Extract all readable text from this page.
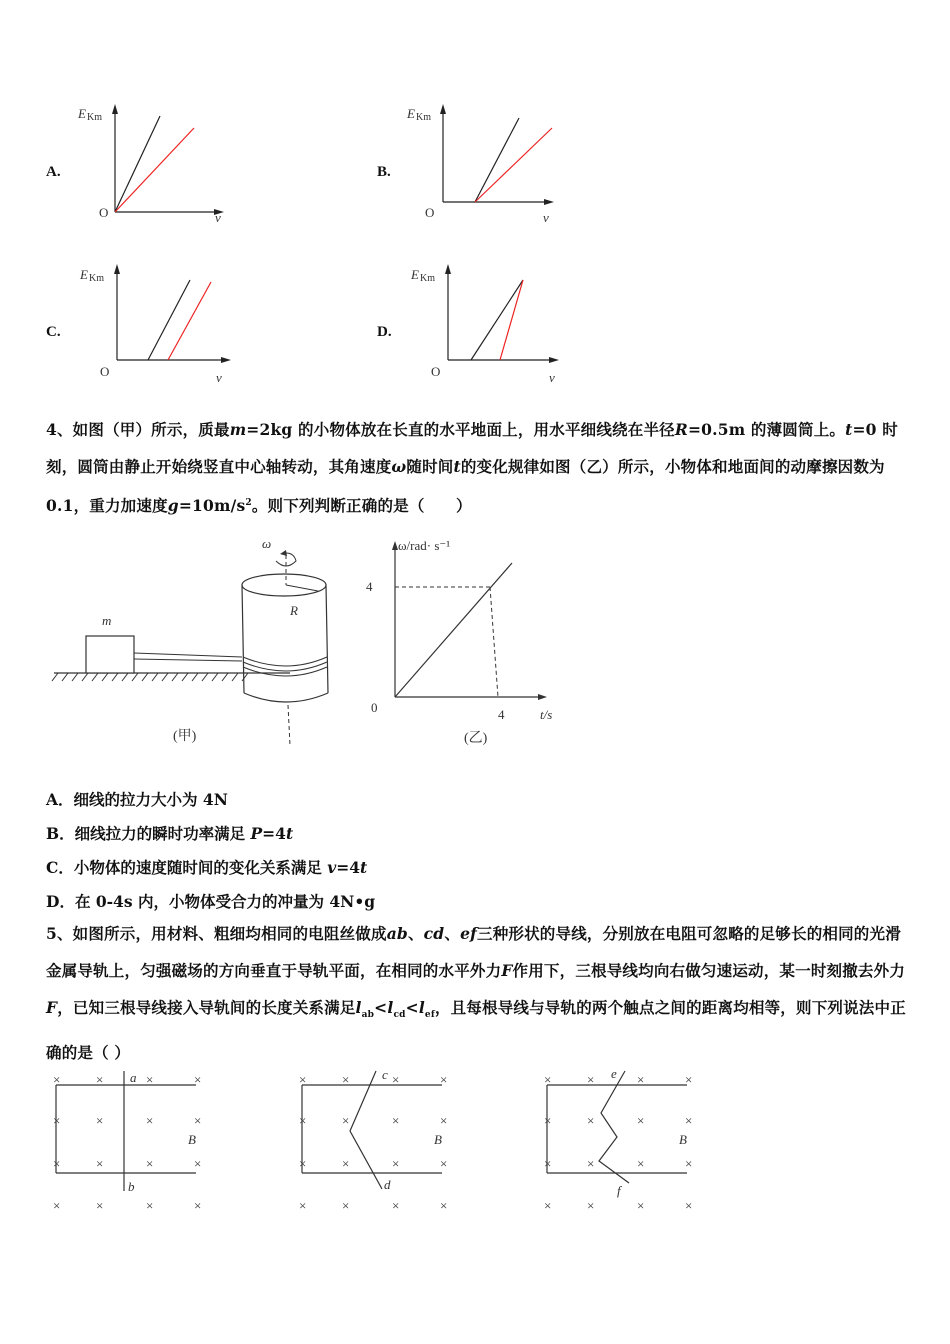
A.
E Km
O	v
B.
E Km
O	v
C.
E Km
O	v
D.
E Km
O	v
4、如图（甲）所示，质最m=2kg 的小物体放在长直的水平地面上，用水平细线绕在半径R=0.5m 的薄圆筒上。t=0 时刻，圆筒由静止开始绕竖直中心轴转动，其角速度ω随时间t的变化规律如图（乙）所示，小物体和地面间的动摩擦因数为 0.1，重力加速度$g=10m/s^2$。则下列判断正确的是（　　）
m
R
ω
(甲)
ω/rad· s⁻¹
4
0	4	t/s
(乙)
A．细线的拉力大小为 4N
B．细线拉力的瞬时功率满足 P=4t
C．小物体的速度随时间的变化关系满足 v=4t
D．在 0-4s 内，小物体受合力的冲量为 4N•g
5、如图所示，用材料、粗细均相同的电阻丝做成ab、cd、ef三种形状的导线，分别放在电阻可忽略的足够长的相同的光滑金属导轨上，匀强磁场的方向垂直于导轨平面，在相同的水平外力F作用下，三根导线均向右做匀速运动，某一时刻撤去外力F，已知三根导线接入导轨间的长度关系满足$l_{ab}<l_{cd}<l_{ef}$，且每根导线与导轨的两个触点之间的距离均相等，则下列说法中正确的是（ ）
a
b
B
×	×	×	×
×	×	×	×
×	×	×	×
×	×	×	×
c
d
B
×	×	×	×
×	×	×	×
×	×	×	×
×	×	×	×
e
f
B
×	×	×	×
×	×	×	×
×	×	×	×
×	×	×	×
